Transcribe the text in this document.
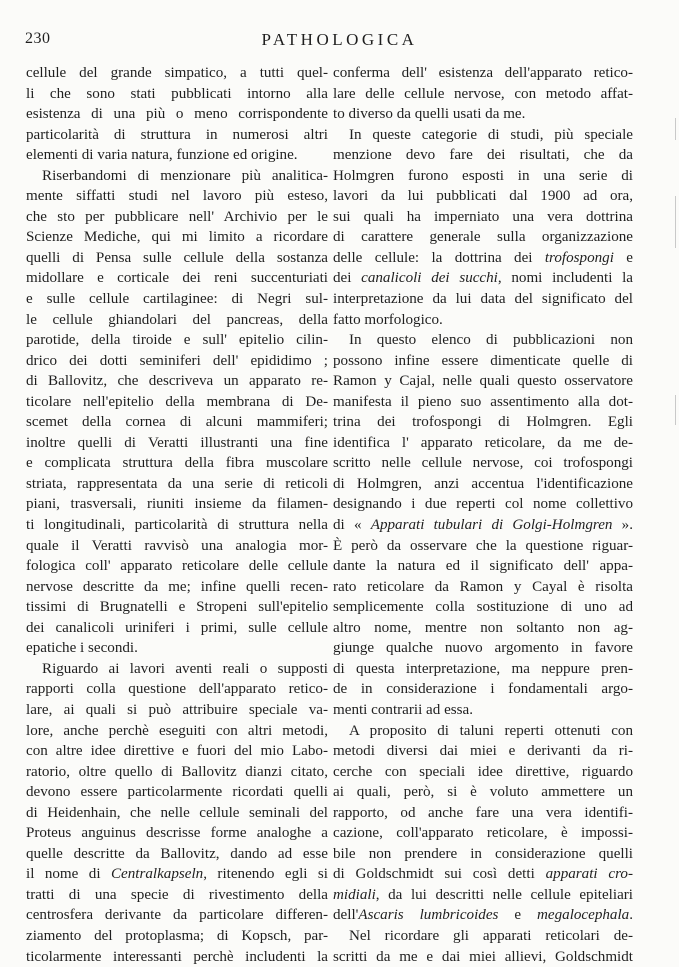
230	PATHOLOGICA
cellule del grande simpatico, a tutti quel-
li che sono stati pubblicati intorno alla
esistenza di una più o meno corrispondente
particolarità di struttura in numerosi altri
elementi di varia natura, funzione ed origine.
Riserbandomi di menzionare più analitica-
mente siffatti studi nel lavoro più esteso,
che sto per pubblicare nell' Archivio per le
Scienze Mediche, qui mi limito a ricordare
quelli di Pensa sulle cellule della sostanza
midollare e corticale dei reni succenturiati
e sulle cellule cartilaginee: di Negri sul-
le cellule ghiandolari del pancreas, della
parotide, della tiroide e sull' epitelio cilin-
drico dei dotti seminiferi dell' epididimo ;
di Ballovitz, che descriveva un apparato re-
ticolare nell'epitelio della membrana di De-
scemet della cornea di alcuni mammiferi;
inoltre quelli di Veratti illustranti una fine
e complicata struttura della fibra muscolare
striata, rappresentata da una serie di reticoli
piani, trasversali, riuniti insieme da filamen-
ti longitudinali, particolarità di struttura nella
quale il Veratti ravvisò una analogia mor-
fologica coll' apparato reticolare delle cellule
nervose descritte da me; infine quelli recen-
tissimi di Brugnatelli e Stropeni sull'epitelio
dei canalicoli uriniferi i primi, sulle cellule
epatiche i secondi.
Riguardo ai lavori aventi reali o supposti
rapporti colla questione dell'apparato retico-
lare, ai quali si può attribuire speciale va-
lore, anche perchè eseguiti con altri metodi,
con altre idee direttive e fuori del mio Labo-
ratorio, oltre quello di Ballovitz dianzi citato,
devono essere particolarmente ricordati quelli
di Heidenhain, che nelle cellule seminali del
Proteus anguinus descrisse forme analoghe a
quelle descritte da Ballovitz, dando ad esse
il nome di Centralkapseln, ritenendo egli si
tratti di una specie di rivestimento della
centrosfera derivante da particolare differen-
ziamento del protoplasma; di Kopsch, par-
ticolarmente interessanti perchè includenti la
conferma dell' esistenza dell'apparato retico-
lare delle cellule nervose, con metodo affat-
to diverso da quelli usati da me.
In queste categorie di studi, più speciale
menzione devo fare dei risultati, che da
Holmgren furono esposti in una serie di
lavori da lui pubblicati dal 1900 ad ora,
sui quali ha imperniato una vera dottrina
di carattere generale sulla organizzazione
delle cellule: la dottrina dei trofospongi e
dei canalicoli dei succhi, nomi includenti la
interpretazione da lui data del significato del
fatto morfologico.
In questo elenco di pubblicazioni non
possono infine essere dimenticate quelle di
Ramon y Cajal, nelle quali questo osservatore
manifesta il pieno suo assentimento alla dot-
trina dei trofospongi di Holmgren. Egli
identifica l' apparato reticolare, da me de-
scritto nelle cellule nervose, coi trofospongi
di Holmgren, anzi accentua l'identificazione
designando i due reperti col nome collettivo
di « Apparati tubulari di Golgi-Holmgren ».
È però da osservare che la questione riguar-
dante la natura ed il significato dell' appa-
rato reticolare da Ramon y Cayal è risolta
semplicemente colla sostituzione di uno ad
altro nome, mentre non soltanto non ag-
giunge qualche nuovo argomento in favore
di questa interpretazione, ma neppure pren-
de in considerazione i fondamentali argo-
menti contrarii ad essa.
A proposito di taluni reperti ottenuti con
metodi diversi dai miei e derivanti da ri-
cerche con speciali idee direttive, riguardo
ai quali, però, si è voluto ammettere un
rapporto, od anche fare una vera identifi-
cazione, coll'apparato reticolare, è impossi-
bile non prendere in considerazione quelli
di Goldschmidt sui così detti apparati cro-
midiali, da lui descritti nelle cellule epiteliari
dell'Ascaris lumbricoides e megalocephala.
Nel ricordare gli apparati reticolari de-
scritti da me e dai miei allievi, Goldschmidt
